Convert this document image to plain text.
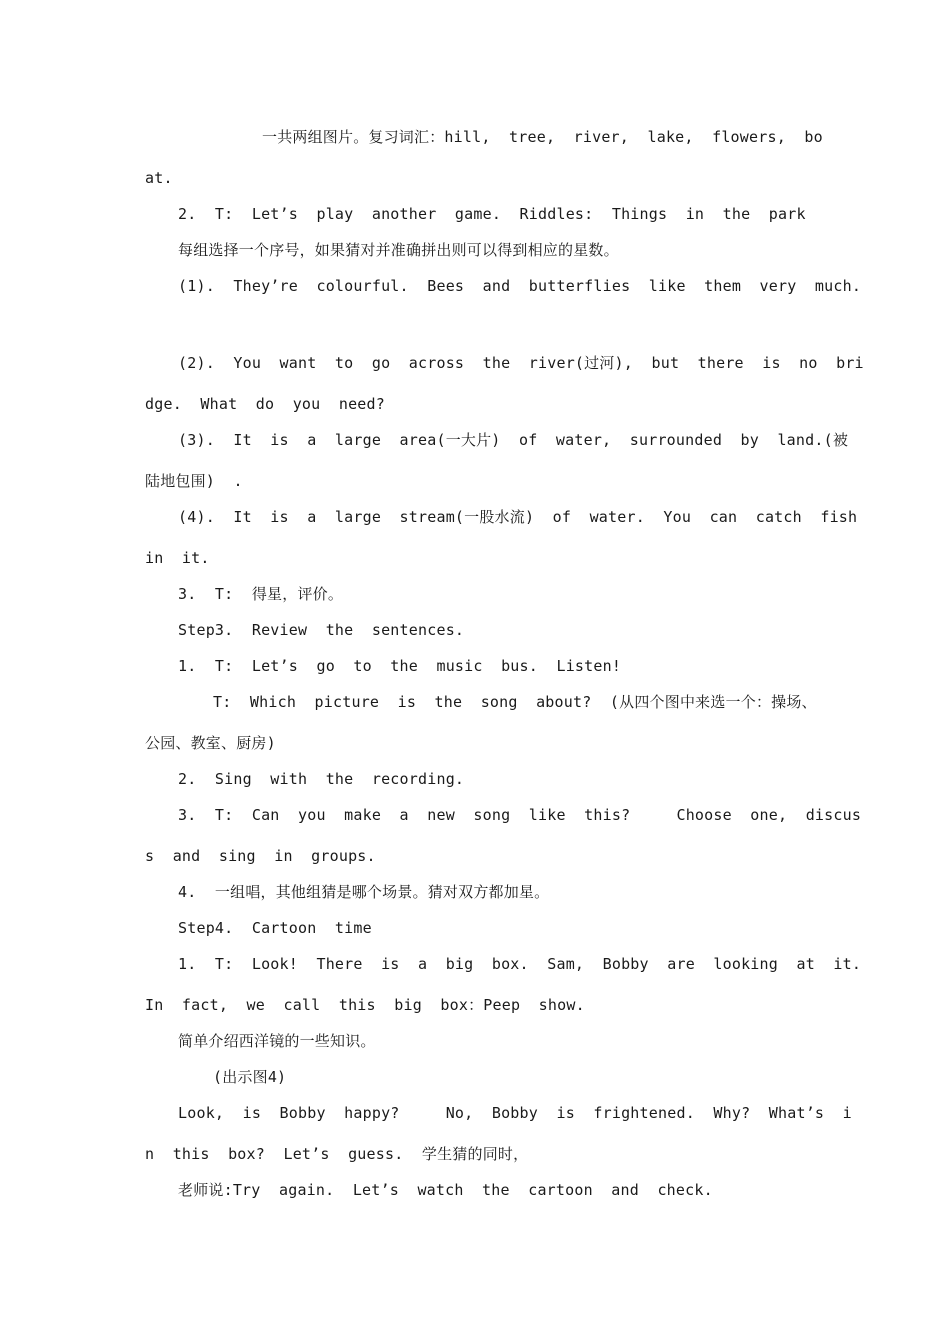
一共两组图片。复习词汇：hill,  tree,  river,  lake,  flowers,  bo
at.
2.  T:  Let’s  play  another  game.  Riddles:  Things  in  the  park
每组选择一个序号，如果猜对并准确拼出则可以得到相应的星数。
(1).  They’re  colourful.  Bees  and  butterflies  like  them  very  much.
(2).  You  want  to  go  across  the  river(过河),  but  there  is  no  bri
dge.  What  do  you  need?
(3).  It  is  a  large  area(一大片)  of  water,  surrounded  by  land.(被
陆地包围)  .
(4).  It  is  a  large  stream(一股水流)  of  water.  You  can  catch  fish
in  it.
3.  T:  得星，评价。
Step3.  Review  the  sentences.
1.  T:  Let’s  go  to  the  music  bus.  Listen!
T:  Which  picture  is  the  song  about?  (从四个图中来选一个：操场、
公园、教室、厨房)
2.  Sing  with  the  recording.
3.  T:  Can  you  make  a  new  song  like  this?     Choose  one,  discus
s  and  sing  in  groups.
4.  一组唱，其他组猜是哪个场景。猜对双方都加星。
Step4.  Cartoon  time
1.  T:  Look!  There  is  a  big  box.  Sam,  Bobby  are  looking  at  it.
In  fact,  we  call  this  big  box：Peep  show.
简单介绍西洋镜的一些知识。
(出示图4)
Look,  is  Bobby  happy?     No,  Bobby  is  frightened.  Why?  What’s  i
n  this  box?  Let’s  guess.  学生猜的同时，
老师说:Try  again.  Let’s  watch  the  cartoon  and  check.
